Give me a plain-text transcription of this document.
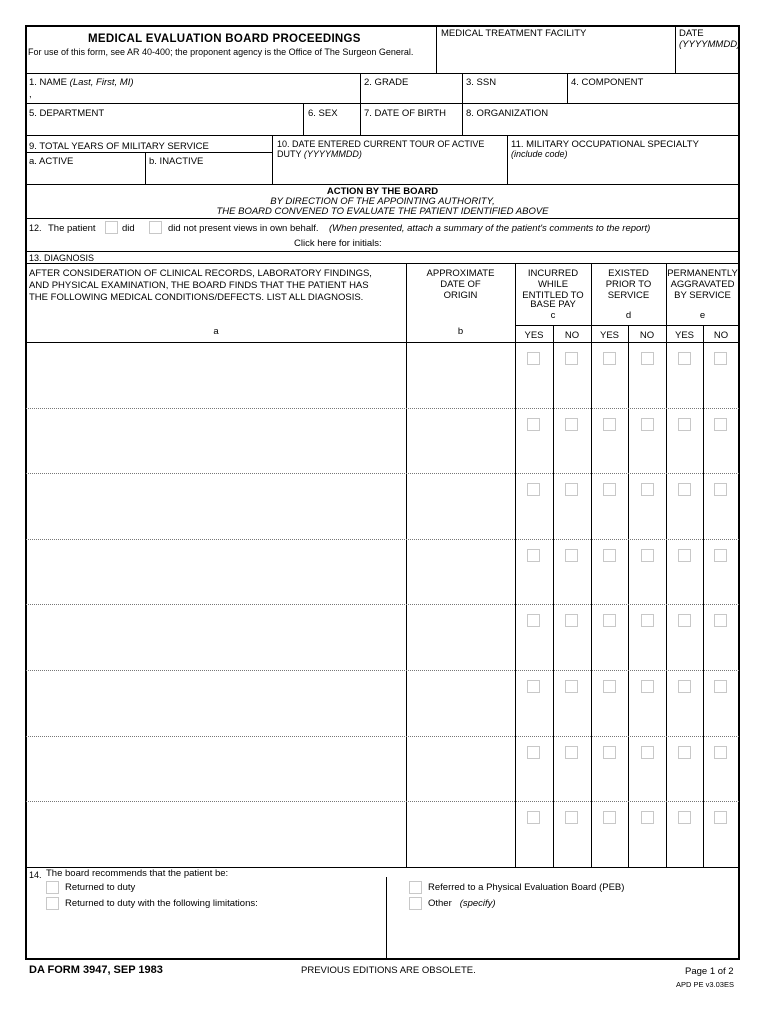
MEDICAL EVALUATION BOARD PROCEEDINGS
For use of this form, see AR 40-400; the proponent agency is the Office of The Surgeon General.
MEDICAL TREATMENT FACILITY	DATE
(YYYYMMDD)
1. NAME (Last, First, MI)
,
2. GRADE	3. SSN	4. COMPONENT
5. DEPARTMENT	6. SEX	7. DATE OF BIRTH 8. ORGANIZATION
9. TOTAL YEARS OF MILITARY SERVICE
a. ACTIVE	b. INACTIVE
10. DATE ENTERED CURRENT TOUR OF ACTIVE
DUTY (YYYYMMDD)
11. MILITARY OCCUPATIONAL SPECIALTY
(include code)
ACTION BY THE BOARD
BY DIRECTION OF THE APPOINTING AUTHORITY,
THE BOARD CONVENED TO EVALUATE THE PATIENT IDENTIFIED ABOVE
12. The patient	did	did not present views in own behalf. (When presented, attach a summary of the patient's comments to the report)
Click here for initials:
13. DIAGNOSIS
AFTER CONSIDERATION OF CLINICAL RECORDS, LABORATORY FINDINGS,
AND PHYSICAL EXAMINATION, THE BOARD FINDS THAT THE PATIENT HAS
THE FOLLOWING MEDICAL CONDITIONS/DEFECTS. LIST ALL DIAGNOSIS.
a
APPROXIMATE
DATE OF
ORIGIN
b
INCURRED
WHILE
ENTITLED TO
BASE PAY
c
EXISTED
PRIOR TO
SERVICE
d
PERMANENTLY
AGGRAVATED
BY SERVICE
e
YES	NO	YES	NO	YES	NO
14. The board recommends that the patient be:
Returned to duty
Returned to duty with the following limitations:
Referred to a Physical Evaluation Board (PEB)
Other (specify)
DA FORM 3947, SEP 1983	PREVIOUS EDITIONS ARE OBSOLETE.	Page 1 of 2
APD PE v3.03ES
